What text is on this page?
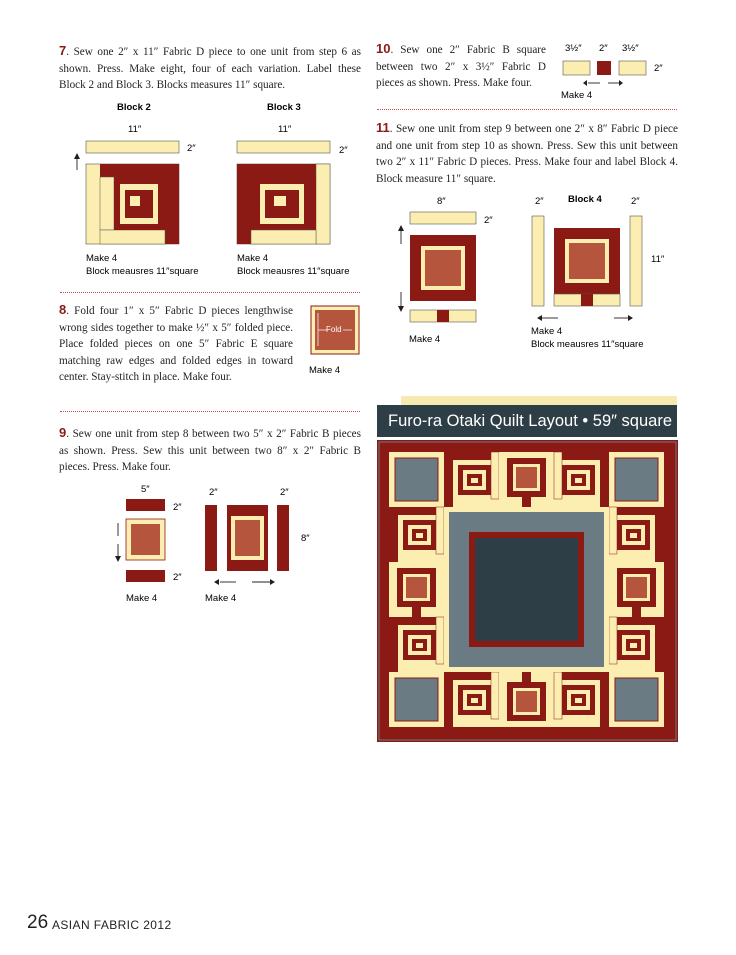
7. Sew one 2″ x 11″ Fabric D piece to one unit from step 6 as shown. Press. Make eight, four of each variation. Label these Block 2 and Block 3. Blocks measures 11″ square.
Block 2	Block 3
11″	11″
2″	2″
Make 4
Block meausres 11″square
Make 4
Block meausres 11″square
8. Fold four 1″ x 5″ Fabric D pieces lengthwise wrong sides together to make ½″ x 5″ folded piece. Place folded pieces on one 5″ Fabric E square matching raw edges and folded edges in toward center. Stay-stitch in place. Make four.
Fold
Make 4
9. Sew one unit from step 8 between two 5″ x 2″ Fabric B pieces as shown. Press. Sew this unit between two 8″ x 2″ Fabric B pieces. Press. Make four.
5″
2″
2″
Make 4
2″	2″
8″
Make 4
10. Sew one 2″ Fabric B square between two 2″ x 3½″ Fabric D pieces as shown. Press. Make four.
3½″ 2″ 3½″
2″
Make 4
11. Sew one unit from step 9 between one 2″ x 8″ Fabric D piece and one unit from step 10 as shown. Press. Sew this unit between two 2″ x 11″ Fabric D pieces. Press. Make four and label Block 4. Block measure 11″ square.
8″
2″
Make 4
2″	Block 4	2″
11″
Make 4
Block meausres 11″square
Furo-ra Otaki Quilt Layout • 59″ square
26 ASIAN FABRIC 2012
